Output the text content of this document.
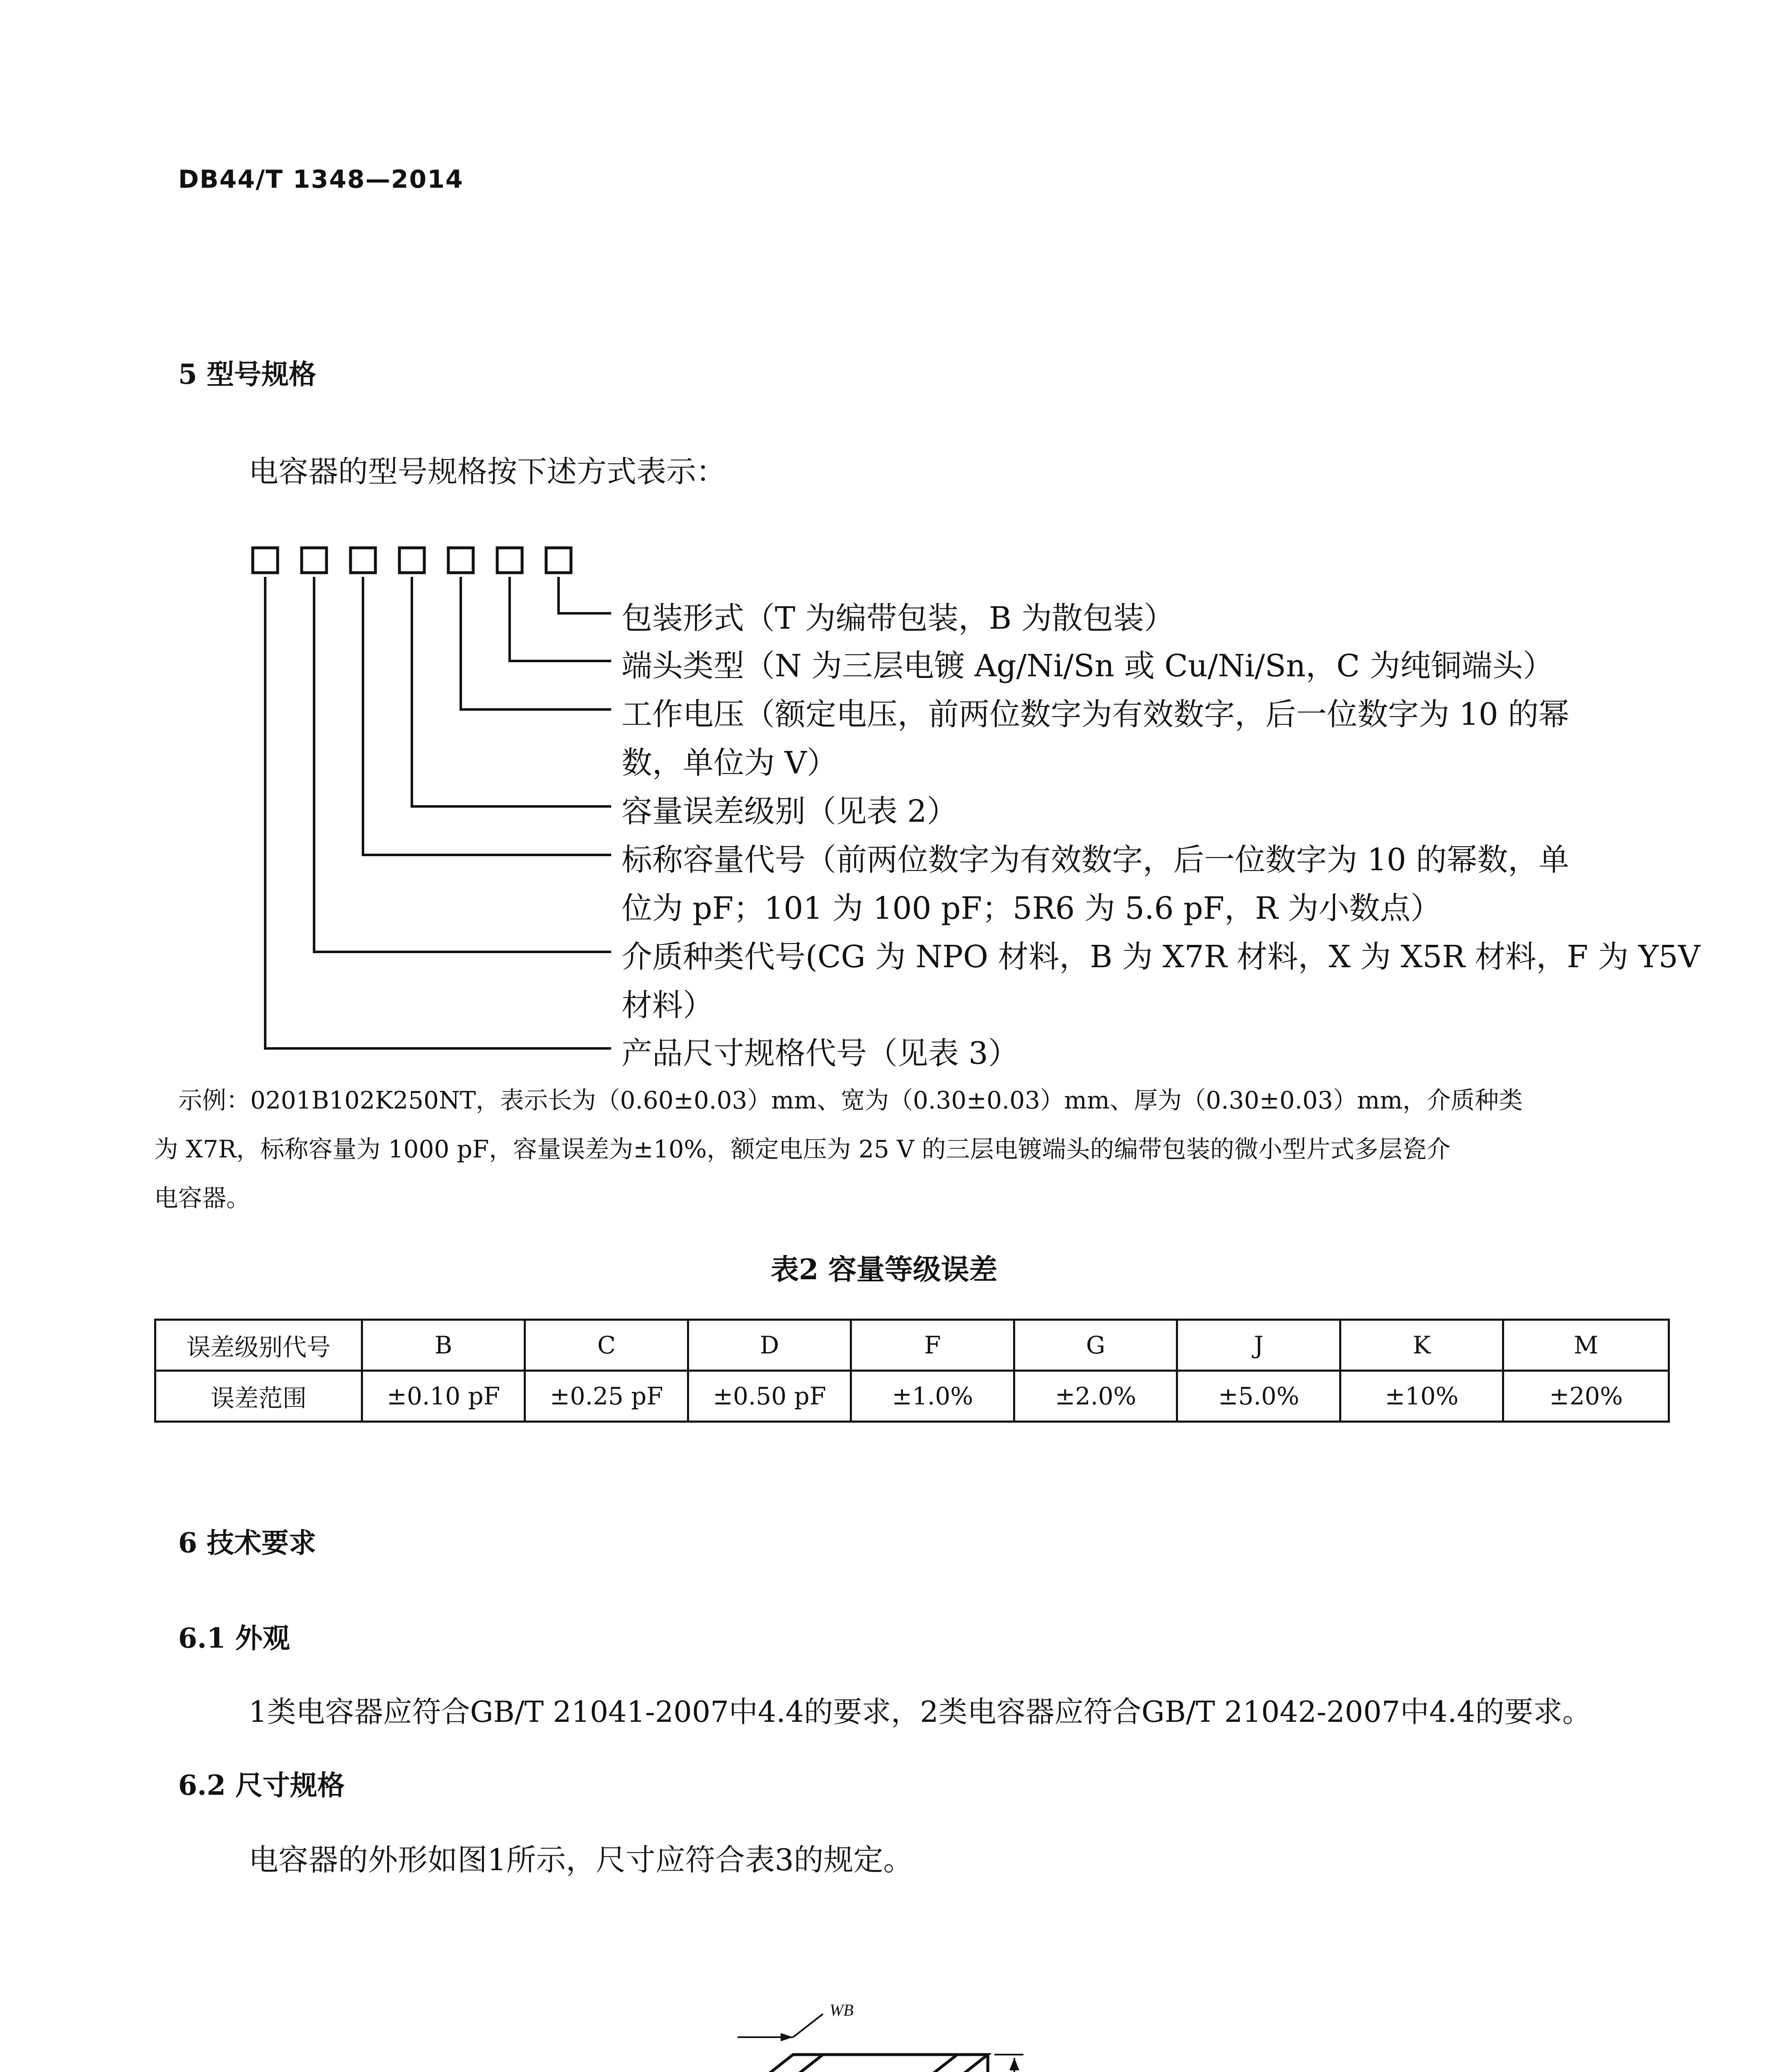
DB44/T 1348—2014
5 型号规格
电容器的型号规格按下述方式表示：
包装形式（T 为编带包装，B 为散包装）
端头类型（N 为三层电镀 Ag/Ni/Sn 或 Cu/Ni/Sn，C 为纯铜端头）
工作电压（额定电压，前两位数字为有效数字，后一位数字为 10 的幂
数，单位为 V）
容量误差级别（见表 2）
标称容量代号（前两位数字为有效数字，后一位数字为 10 的幂数，单
位为 pF；101 为 100 pF；5R6 为 5.6 pF，R 为小数点）
介质种类代号(CG 为 NPO 材料，B 为 X7R 材料，X 为 X5R 材料，F 为 Y5V
材料）
产品尺寸规格代号（见表 3）
示例：0201B102K250NT，表示长为（0.60±0.03）mm、宽为（0.30±0.03）mm、厚为（0.30±0.03）mm，介质种类
为 X7R，标称容量为 1000 pF，容量误差为±10%，额定电压为 25 V 的三层电镀端头的编带包装的微小型片式多层瓷介
电容器。
表2 容量等级误差
误差级别代号	B	C	D	F	G	J	K	M
误差范围	±0.10 pF	±0.25 pF	±0.50 pF	±1.0%	±2.0%	±5.0%	±10%	±20%
6 技术要求
6.1 外观
1类电容器应符合GB/T 21041-2007中4.4的要求，2类电容器应符合GB/T 21042-2007中4.4的要求。
6.2 尺寸规格
电容器的外形如图1所示，尺寸应符合表3的规定。
WB
